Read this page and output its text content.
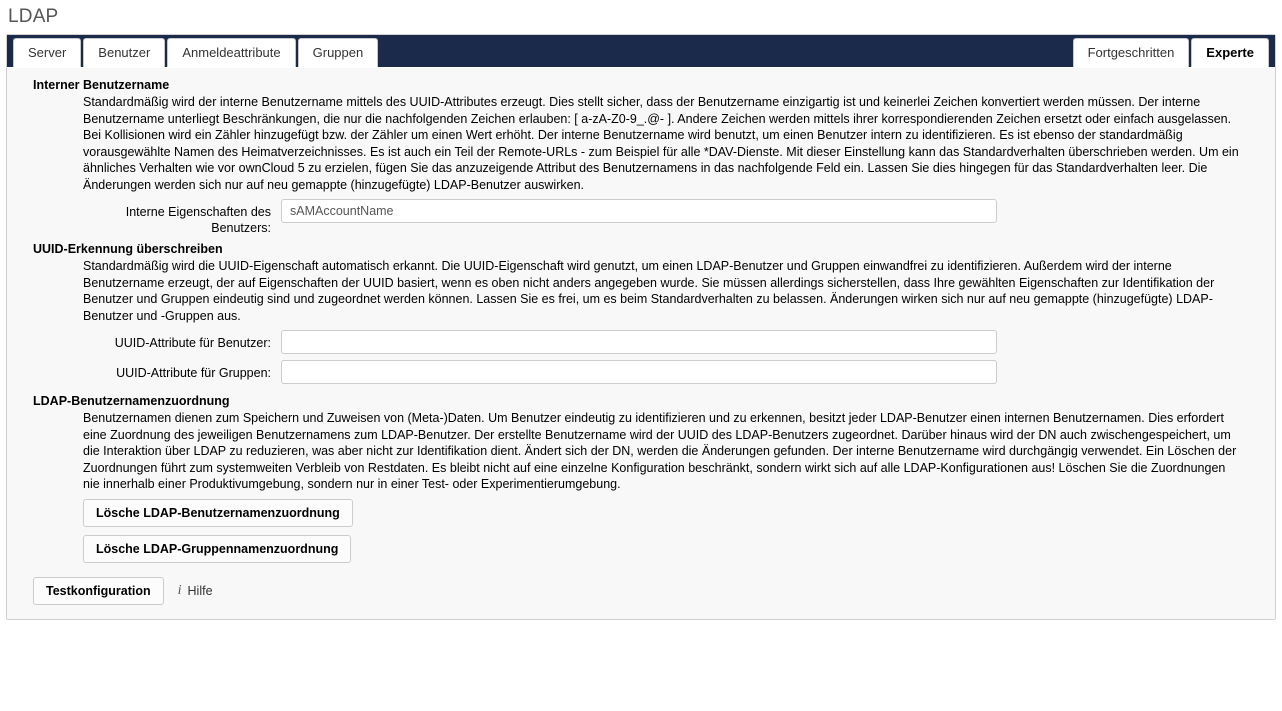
LDAP
Server	Benutzer	Anmeldeattribute	Gruppen	Fortgeschritten	Experte
Interner Benutzername
Standardmäßig wird der interne Benutzername mittels des UUID-Attributes erzeugt. Dies stellt sicher, dass der Benutzername einzigartig ist und keinerlei Zeichen konvertiert werden müssen. Der interne Benutzername unterliegt Beschränkungen, die nur die nachfolgenden Zeichen erlauben: [ a-zA-Z0-9_.@- ]. Andere Zeichen werden mittels ihrer korrespondierenden Zeichen ersetzt oder einfach ausgelassen. Bei Kollisionen wird ein Zähler hinzugefügt bzw. der Zähler um einen Wert erhöht. Der interne Benutzername wird benutzt, um einen Benutzer intern zu identifizieren. Es ist ebenso der standardmäßig vorausgewählte Namen des Heimatverzeichnisses. Es ist auch ein Teil der Remote-URLs - zum Beispiel für alle *DAV-Dienste. Mit dieser Einstellung kann das Standardverhalten überschrieben werden. Um ein ähnliches Verhalten wie vor ownCloud 5 zu erzielen, fügen Sie das anzuzeigende Attribut des Benutzernamens in das nachfolgende Feld ein. Lassen Sie dies hingegen für das Standardverhalten leer. Die Änderungen werden sich nur auf neu gemappte (hinzugefügte) LDAP-Benutzer auswirken.
Interne Eigenschaften des
Benutzers:
sAMAccountName
UUID-Erkennung überschreiben
Standardmäßig wird die UUID-Eigenschaft automatisch erkannt. Die UUID-Eigenschaft wird genutzt, um einen LDAP-Benutzer und Gruppen einwandfrei zu identifizieren. Außerdem wird der interne Benutzername erzeugt, der auf Eigenschaften der UUID basiert, wenn es oben nicht anders angegeben wurde. Sie müssen allerdings sicherstellen, dass Ihre gewählten Eigenschaften zur Identifikation der Benutzer und Gruppen eindeutig sind und zugeordnet werden können. Lassen Sie es frei, um es beim Standardverhalten zu belassen. Änderungen wirken sich nur auf neu gemappte (hinzugefügte) LDAP-Benutzer und -Gruppen aus.
UUID-Attribute für Benutzer:
UUID-Attribute für Gruppen:
LDAP-Benutzernamenzuordnung
Benutzernamen dienen zum Speichern und Zuweisen von (Meta-)Daten. Um Benutzer eindeutig zu identifizieren und zu erkennen, besitzt jeder LDAP-Benutzer einen internen Benutzernamen. Dies erfordert eine Zuordnung des jeweiligen Benutzernamens zum LDAP-Benutzer. Der erstellte Benutzername wird der UUID des LDAP-Benutzers zugeordnet. Darüber hinaus wird der DN auch zwischengespeichert, um die Interaktion über LDAP zu reduzieren, was aber nicht zur Identifikation dient. Ändert sich der DN, werden die Änderungen gefunden. Der interne Benutzername wird durchgängig verwendet. Ein Löschen der Zuordnungen führt zum systemweiten Verbleib von Restdaten. Es bleibt nicht auf eine einzelne Konfiguration beschränkt, sondern wirkt sich auf alle LDAP-Konfigurationen aus! Löschen Sie die Zuordnungen nie innerhalb einer Produktivumgebung, sondern nur in einer Test- oder Experimentierumgebung.
Lösche LDAP-Benutzernamenzuordnung
Lösche LDAP-Gruppennamenzuordnung
Testkonfiguration	i Hilfe
